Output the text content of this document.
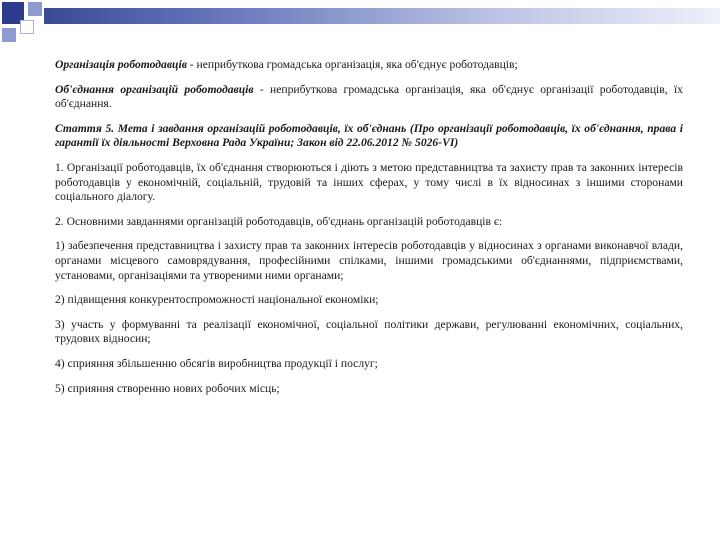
Організація роботодавців - неприбуткова громадська організація, яка об'єднує роботодавців;

Об'єднання організацій роботодавців - неприбуткова громадська організація, яка об'єднує організації роботодавців, їх об'єднання.

Стаття 5. Мета і завдання організацій роботодавців, їх об'єднань (Про організації роботодавців, їх об'єднання, права і гарантії їх діяльності Верховна Рада України; Закон від 22.06.2012 № 5026-VI)

1. Організації роботодавців, їх об'єднання створюються і діють з метою представництва та захисту прав та законних інтересів роботодавців у економічній, соціальній, трудовій та інших сферах, у тому числі в їх відносинах з іншими сторонами соціального діалогу.

2. Основними завданнями організацій роботодавців, об'єднань організацій роботодавців є:

1) забезпечення представництва і захисту прав та законних інтересів роботодавців у відносинах з органами виконавчої влади, органами місцевого самоврядування, професійними спілками, іншими громадськими об'єднаннями, підприємствами, установами, організаціями та утвореними ними органами;

2) підвищення конкурентоспроможності національної економіки;

3) участь у формуванні та реалізації економічної, соціальної політики держави, регулюванні економічних, соціальних, трудових відносин;

4) сприяння збільшенню обсягів виробництва продукції і послуг;

5) сприяння створенню нових робочих місць;
